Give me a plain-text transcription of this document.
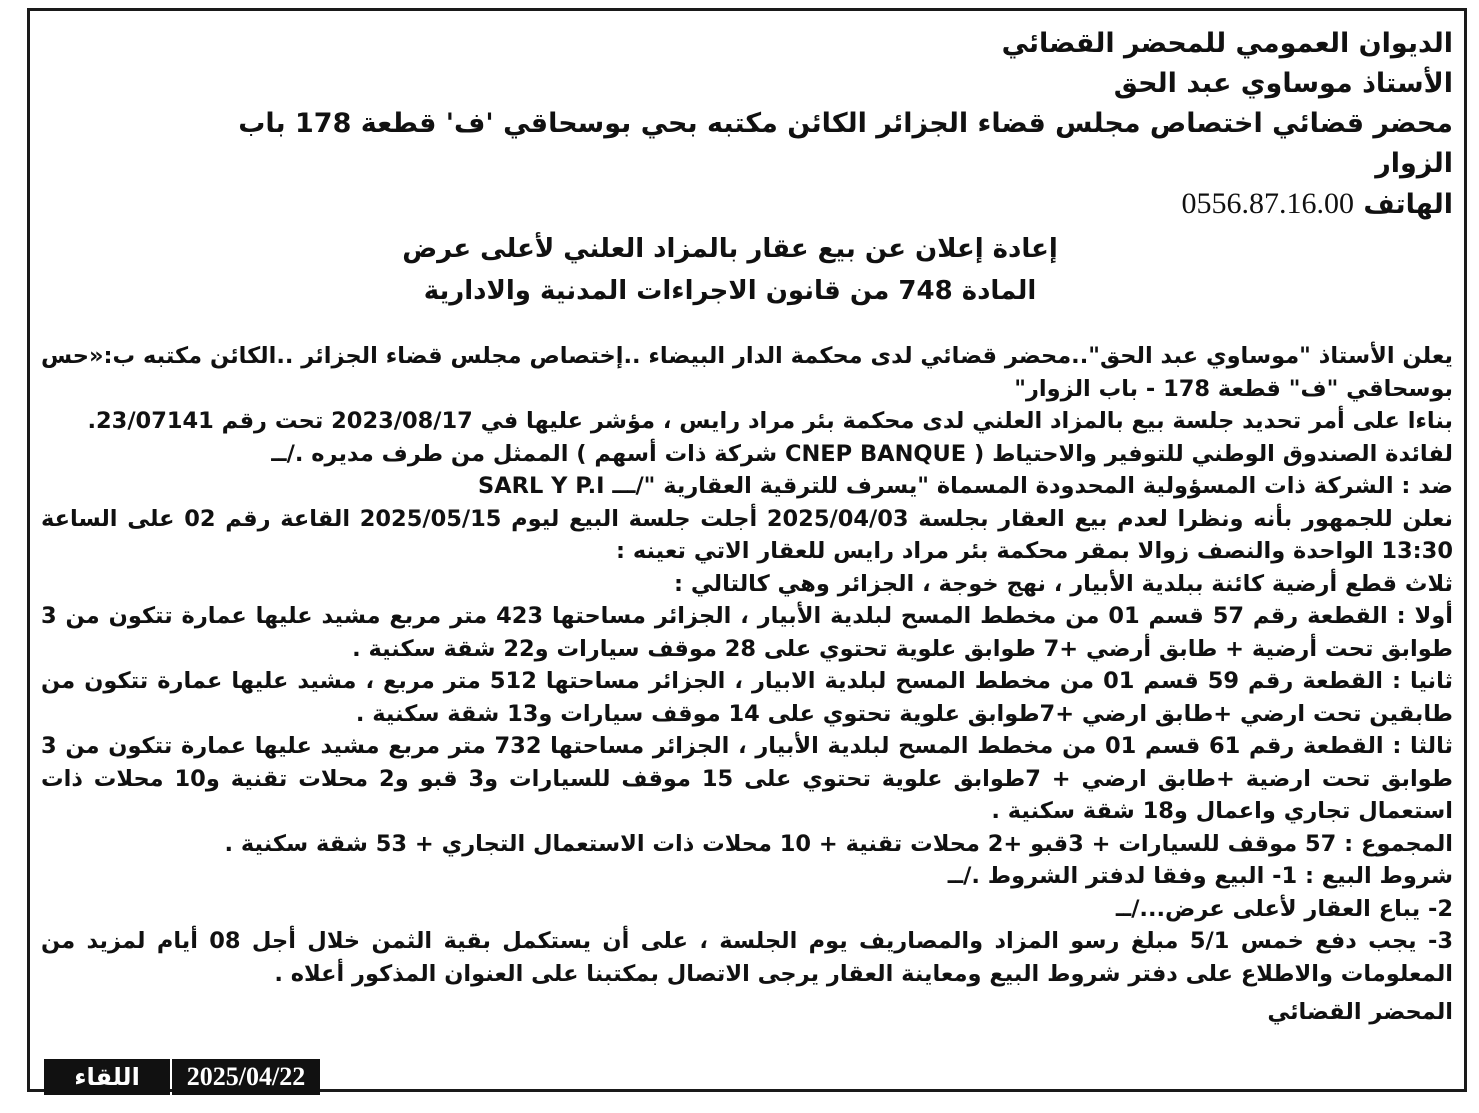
الديوان العمومي للمحضر القضائي
الأستاذ موساوي عبد الحق
محضر قضائي اختصاص مجلس قضاء الجزائر الكائن مكتبه بحي بوسحاقي 'ف' قطعة 178 باب الزوار
الهاتف 0556.87.16.00
إعادة إعلان عن بيع عقار بالمزاد العلني لأعلى عرض
المادة 748 من قانون الاجراءات المدنية والادارية

يعلن الأستاذ "موساوي عبد الحق"..محضر قضائي لدى محكمة الدار البيضاء ..إختصاص مجلس قضاء الجزائر ..الكائن مكتبه ب:«حس بوسحاقي "ف" قطعة 178 - باب الزوار"

بناءا على أمر تحديد جلسة بيع بالمزاد العلني لدى محكمة بئر مراد رايس ، مؤشر عليها في 2023/08/17 تحت رقم 23/07141.

لفائدة الصندوق الوطني للتوفير والاحتياط ( CNEP BANQUE شركة ذات أسهم ) الممثل من طرف مديره ./ــ

ضد : الشركة ذات المسؤولية المحدودة المسماة "يسرف للترقية العقارية "/ـــ SARL Y P.I

نعلن للجمهور بأنه ونظرا لعدم بيع العقار بجلسة 2025/04/03 أجلت جلسة البيع ليوم 2025/05/15 القاعة رقم 02 على الساعة 13:30 الواحدة والنصف زوالا بمقر محكمة بئر مراد رايس للعقار الاتي تعينه :

ثلاث قطع أرضية كائنة ببلدية الأبيار ، نهج خوجة ، الجزائر وهي كالتالي :

أولا : القطعة رقم 57 قسم 01 من مخطط المسح لبلدية الأبيار ، الجزائر مساحتها 423 متر مربع مشيد عليها عمارة تتكون من 3 طوابق تحت أرضية + طابق أرضي +7 طوابق علوية تحتوي على 28 موقف سيارات و22 شقة سكنية .

ثانيا : القطعة رقم 59 قسم 01 من مخطط المسح لبلدية الابيار ، الجزائر مساحتها 512 متر مربع ، مشيد عليها عمارة تتكون من طابقين تحت ارضي +طابق ارضي +7طوابق علوية تحتوي على 14 موقف سيارات و13 شقة سكنية .

ثالثا : القطعة رقم 61 قسم 01 من مخطط المسح لبلدية الأبيار ، الجزائر مساحتها 732 متر مربع مشيد عليها عمارة تتكون من 3 طوابق تحت ارضية +طابق ارضي + 7طوابق علوية تحتوي على 15 موقف للسيارات و3 قبو و2 محلات تقنية و10 محلات ذات استعمال تجاري واعمال و18 شقة سكنية .

المجموع : 57 موقف للسيارات + 3قبو +2 محلات تقنية + 10 محلات ذات الاستعمال التجاري + 53 شقة سكنية .

شروط البيع : 1- البيع وفقا لدفتر الشروط ./ــ

2- يباع العقار لأعلى عرض.../ــ

3- يجب دفع خمس 5/1 مبلغ رسو المزاد والمصاريف يوم الجلسة ، على أن يستكمل بقية الثمن خلال أجل 08 أيام لمزيد من المعلومات والاطلاع على دفتر شروط البيع ومعاينة العقار يرجى الاتصال بمكتبنا على العنوان المذكور أعلاه .

المحضر القضائي

اللقاء	2025/04/22
